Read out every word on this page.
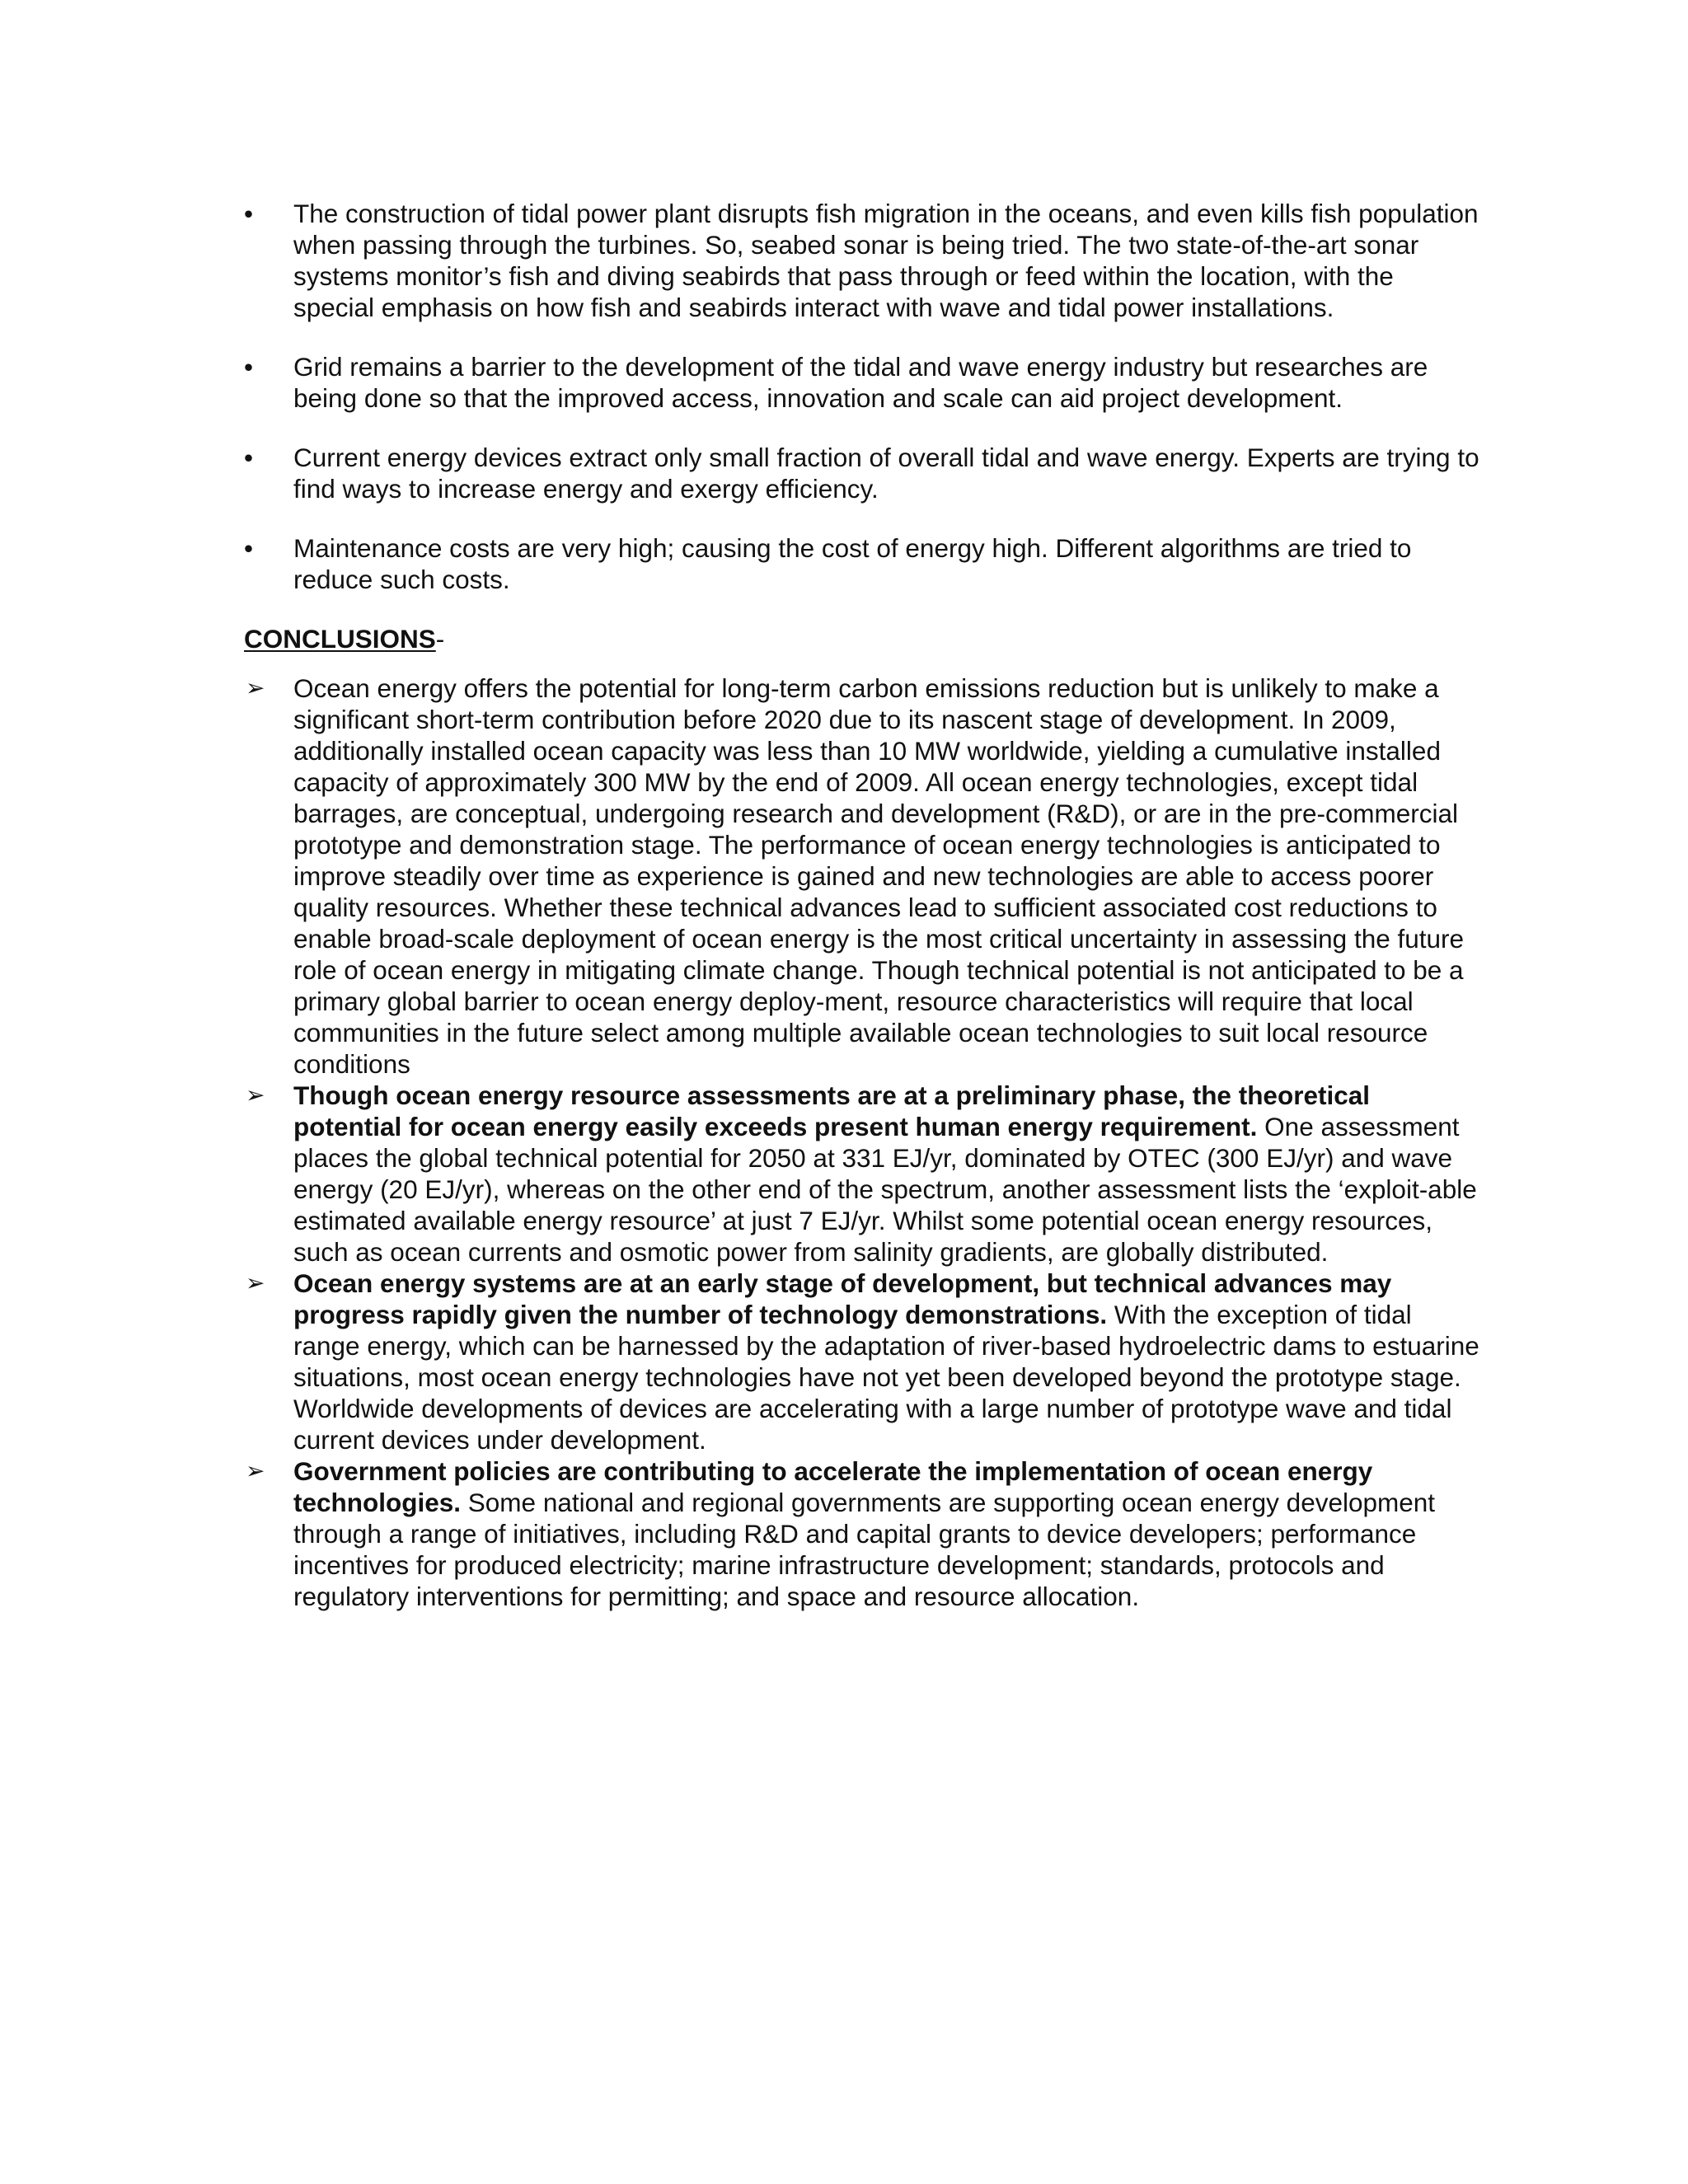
•	The construction of tidal power plant disrupts fish migration in the oceans, and even kills fish population when passing through the turbines. So, seabed sonar is being tried. The two state-of-the-art sonar systems monitor’s fish and diving seabirds that pass through or feed within the location, with the special emphasis on how fish and seabirds interact with wave and tidal power installations.
•	Grid remains a barrier to the development of the tidal and wave energy industry but researches are being done so that the improved access, innovation and scale can aid project development.
•	Current energy devices extract only small fraction of overall tidal and wave energy. Experts are trying to find ways to increase energy and exergy efficiency.
•	Maintenance costs are very high; causing the cost of energy high. Different algorithms are tried to reduce such costs.
CONCLUSIONS-
➢	Ocean energy offers the potential for long-term carbon emissions reduction but is unlikely to make a significant short-term contribution before 2020 due to its nascent stage of development. In 2009, additionally installed ocean capacity was less than 10 MW worldwide, yielding a cumulative installed capacity of approximately 300 MW by the end of 2009. All ocean energy technologies, except tidal barrages, are conceptual, undergoing research and development (R&D), or are in the pre-commercial prototype and demonstration stage. The performance of ocean energy technologies is anticipated to improve steadily over time as experience is gained and new technologies are able to access poorer quality resources. Whether these technical advances lead to sufficient associated cost reductions to enable broad-scale deployment of ocean energy is the most critical uncertainty in assessing the future role of ocean energy in mitigating climate change. Though technical potential is not anticipated to be a primary global barrier to ocean energy deploy-ment, resource characteristics will require that local communities in the future select among multiple available ocean technologies to suit local resource conditions
➢	Though ocean energy resource assessments are at a preliminary phase, the theoretical potential for ocean energy easily exceeds present human energy requirement. One assessment places the global technical potential for 2050 at 331 EJ/yr, dominated by OTEC (300 EJ/yr) and wave energy (20 EJ/yr), whereas on the other end of the spectrum, another assessment lists the ‘exploit-able estimated available energy resource’ at just 7 EJ/yr. Whilst some potential ocean energy resources, such as ocean currents and osmotic power from salinity gradients, are globally distributed.
➢	Ocean energy systems are at an early stage of development, but technical advances may progress rapidly given the number of technology demonstrations. With the exception of tidal range energy, which can be harnessed by the adaptation of river-based hydroelectric dams to estuarine situations, most ocean energy technologies have not yet been developed beyond the prototype stage. Worldwide developments of devices are accelerating with a large number of prototype wave and tidal current devices under development.
➢	Government policies are contributing to accelerate the implementation of ocean energy technologies. Some national and regional governments are supporting ocean energy development through a range of initiatives, including R&D and capital grants to device developers; performance incentives for produced electricity; marine infrastructure development; standards, protocols and regulatory interventions for permitting; and space and resource allocation.
